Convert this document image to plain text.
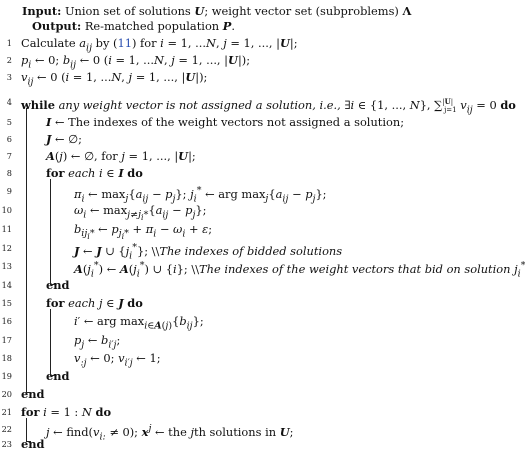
Input: Union set of solutions U; weight vector set (subproblems) Λ
Output: Re-matched population P.
1 Calculate $a_{ij}$ by (11) for i = 1, ...N, j = 1, ..., |U|;
2 $p_i$ ← 0; $b_{ij}$ ← 0 (i = 1, ...N, j = 1, ..., |U|);
3 $v_{ij}$ ← 0 (i = 1, ...N, j = 1, ..., |U|);
4 while any weight vector is not assigned a solution, i.e., ∃i ∈ {1, ..., N}, ∑$^{|U|}_{j=1}$ $v_{ij} = 0$ do
5	I ← The indexes of the weight vectors not assigned a solution;
6	J ← ∅;
7	A(j) ← ∅, for j = 1, ..., |U|;
8	for each i ∈ I do
9	$\pi_i$ ← $\max_j\{a_{ij} - p_j\}$; $j_i^*$ ← arg $\max_j\{a_{ij} - p_j\}$;
10	$\omega_i$ ← $\max_{j\ne j_i*}\{a_{ij} - p_j\}$;
11	$b_{ij_i*}$ ← $p_{j_i*} + \pi_i - \omega_i + \varepsilon$;
12	J ← J ∪ $\{j_i^*\}$; \\The indexes of bidded solutions
13	$A(j_i^*)$ ← $A(j_i^*)$ ∪ {i}; \\The indexes of the weight vectors that bid on solution $j_i^*$
14	end
15	for each j ∈ J do
16	i′ ← arg $\max_{i\in A(j)}\{b_{ij}\}$;
17	$p_j$ ← $b_{i'j}$;
18	$v_{:j}$ ← 0; $v_{i'j}$ ← 1;
19	end
20 end
21 for i = 1 : N do
22	j ← $find(v_{i:} \ne 0)$; $x^j$ ← the jth solutions in U;
23 end
